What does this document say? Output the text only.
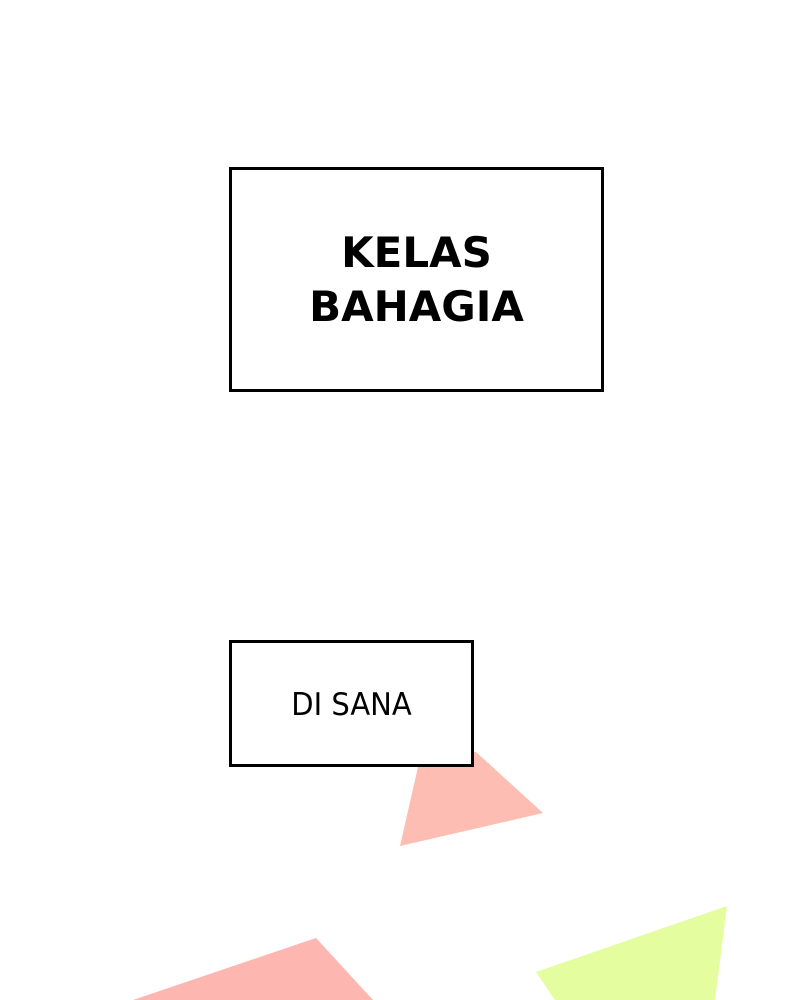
KELAS
BAHAGIA
DI SANA
